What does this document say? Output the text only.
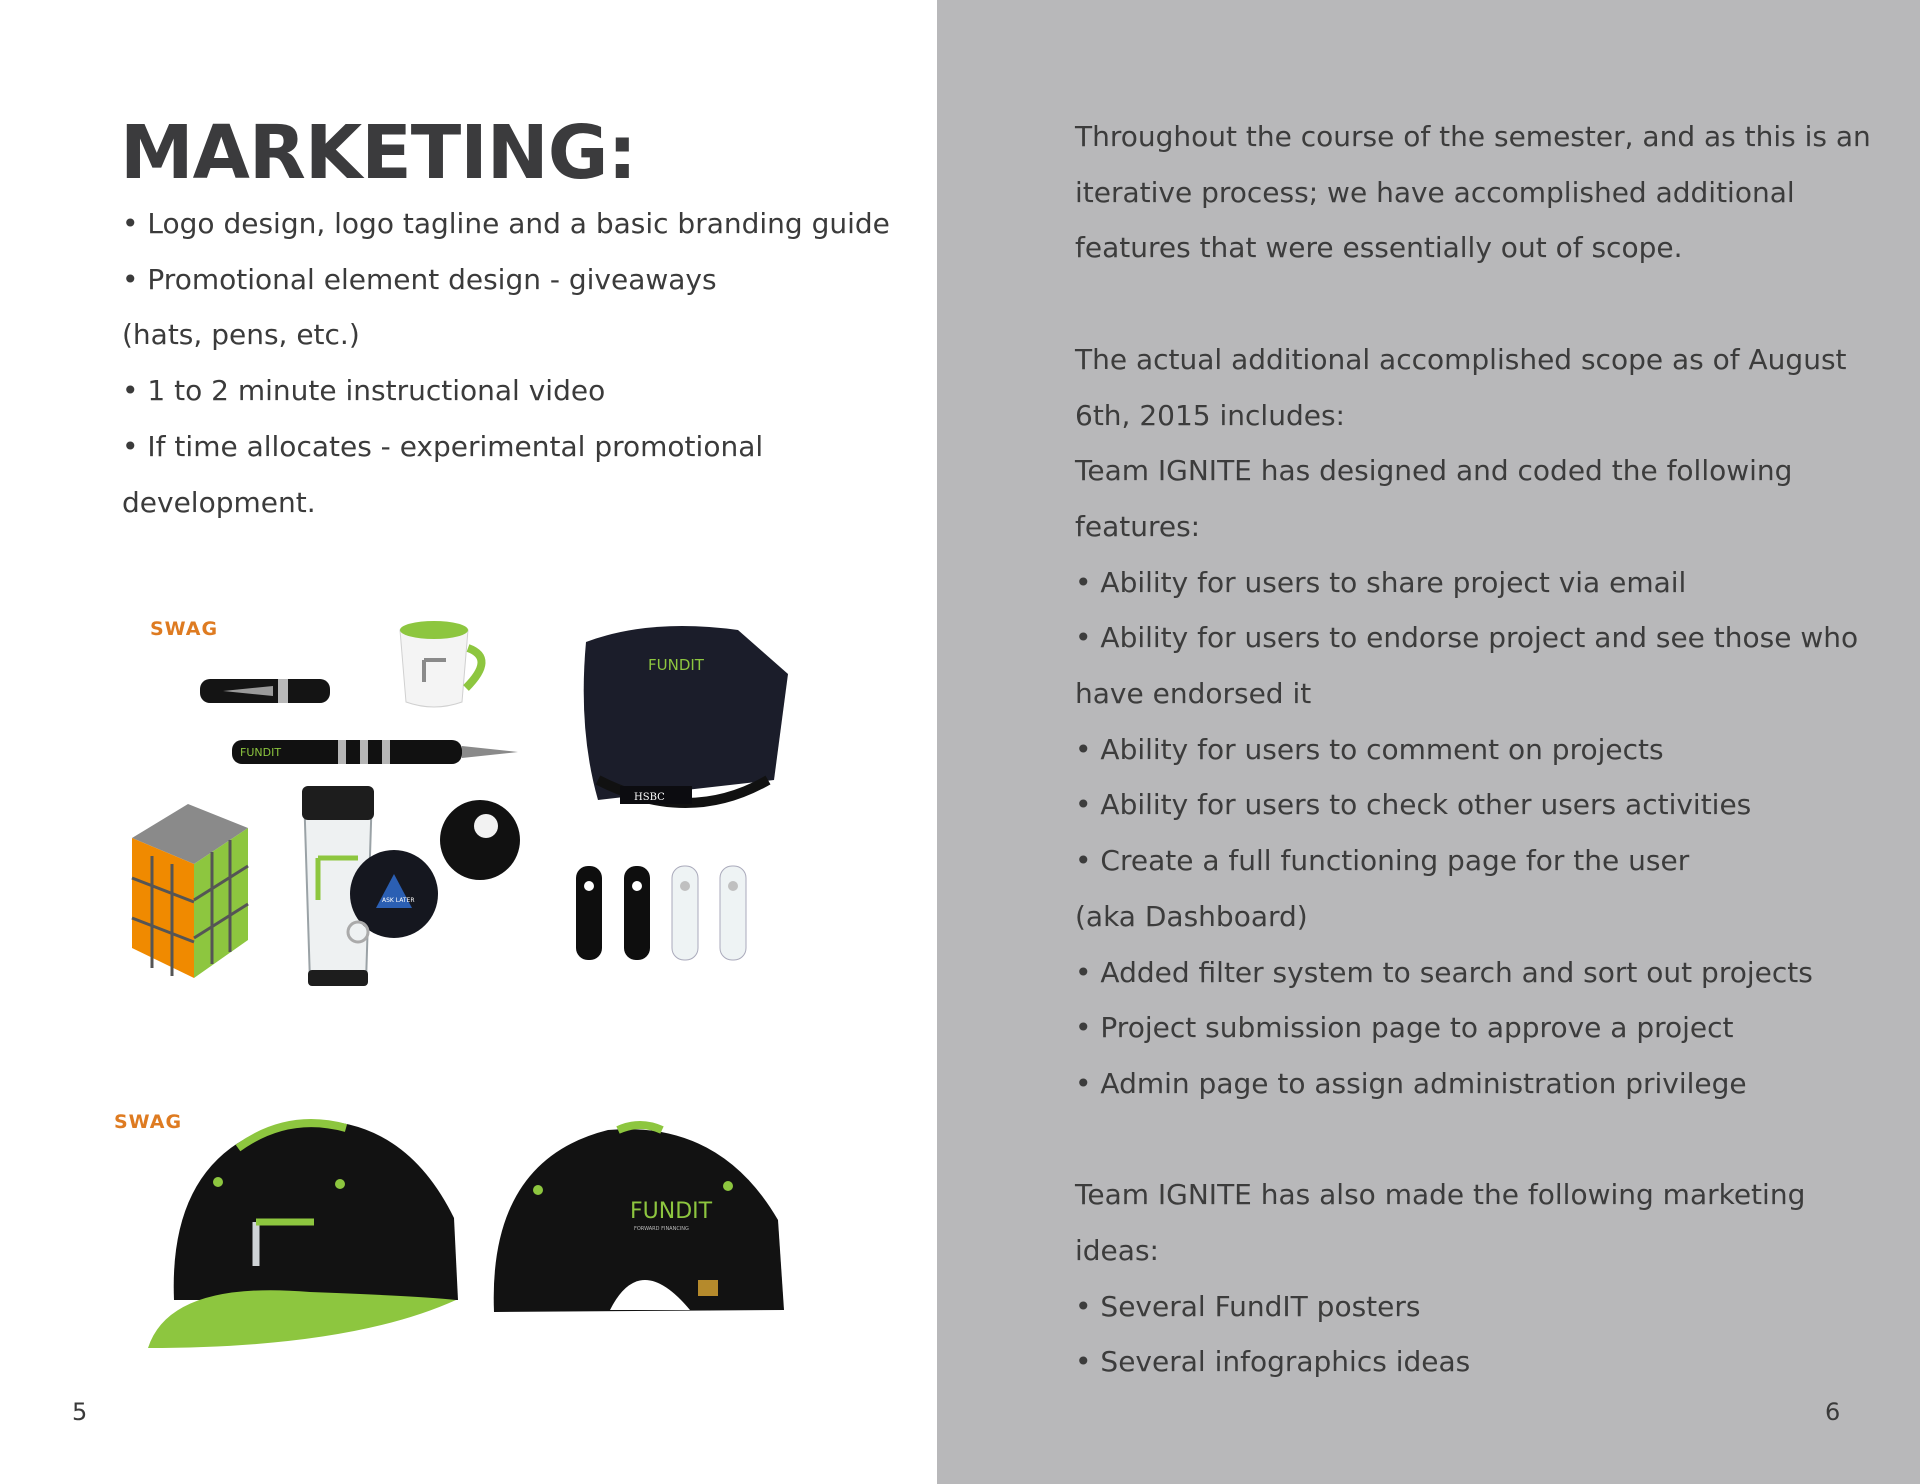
MARKETING:
• Logo design, logo tagline and a basic branding guide
• Promotional element design - giveaways
(hats, pens, etc.)
• 1 to 2 minute instructional video
• If time allocates - experimental promotional
development.
SWAG
FUNDIT
FUNDIT
HSBC
ASK LATER
SWAG
FUNDIT
FORWARD FINANCING
HSBC
5
Throughout the course of the semester, and as this is an
iterative process; we have accomplished additional
features that were essentially out of scope.
The actual additional accomplished scope as of August
6th, 2015 includes:
Team IGNITE has designed and coded the following
features:
• Ability for users to share project via email
• Ability for users to endorse project and see those who
have endorsed it
• Ability for users to comment on projects
• Ability for users to check other users activities
• Create a full functioning page for the user
(aka Dashboard)
• Added filter system to search and sort out projects
• Project submission page to approve a project
• Admin page to assign administration privilege
Team IGNITE has also made the following marketing
ideas:
• Several FundIT posters
• Several infographics ideas
6
